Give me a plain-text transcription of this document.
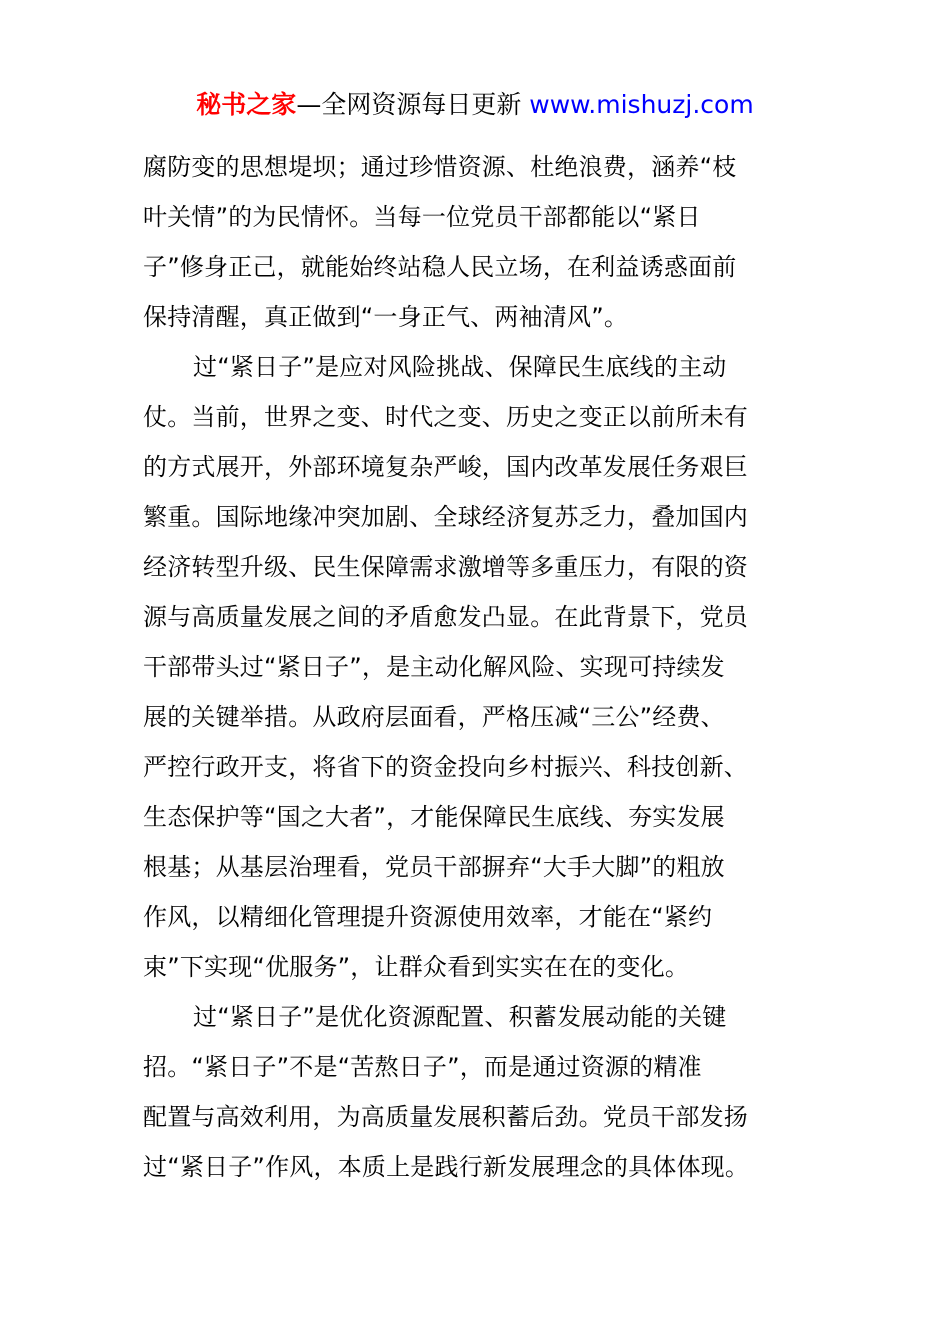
秘书之家—全网资源每日更新 www.mishuzj.com
腐防变的思想堤坝；通过珍惜资源、杜绝浪费，涵养“枝
叶关情”的为民情怀。当每一位党员干部都能以“紧日
子”修身正己，就能始终站稳人民立场，在利益诱惑面前
保持清醒，真正做到“一身正气、两袖清风”。
过“紧日子”是应对风险挑战、保障民生底线的主动
仗。当前，世界之变、时代之变、历史之变正以前所未有
的方式展开，外部环境复杂严峻，国内改革发展任务艰巨
繁重。国际地缘冲突加剧、全球经济复苏乏力，叠加国内
经济转型升级、民生保障需求激增等多重压力，有限的资
源与高质量发展之间的矛盾愈发凸显。在此背景下，党员
干部带头过“紧日子”，是主动化解风险、实现可持续发
展的关键举措。从政府层面看，严格压减“三公”经费、
严控行政开支，将省下的资金投向乡村振兴、科技创新、
生态保护等“国之大者”，才能保障民生底线、夯实发展
根基；从基层治理看，党员干部摒弃“大手大脚”的粗放
作风，以精细化管理提升资源使用效率，才能在“紧约
束”下实现“优服务”，让群众看到实实在在的变化。
过“紧日子”是优化资源配置、积蓄发展动能的关键
招。“紧日子”不是“苦熬日子”，而是通过资源的精准
配置与高效利用，为高质量发展积蓄后劲。党员干部发扬
过“紧日子”作风，本质上是践行新发展理念的具体体现。
